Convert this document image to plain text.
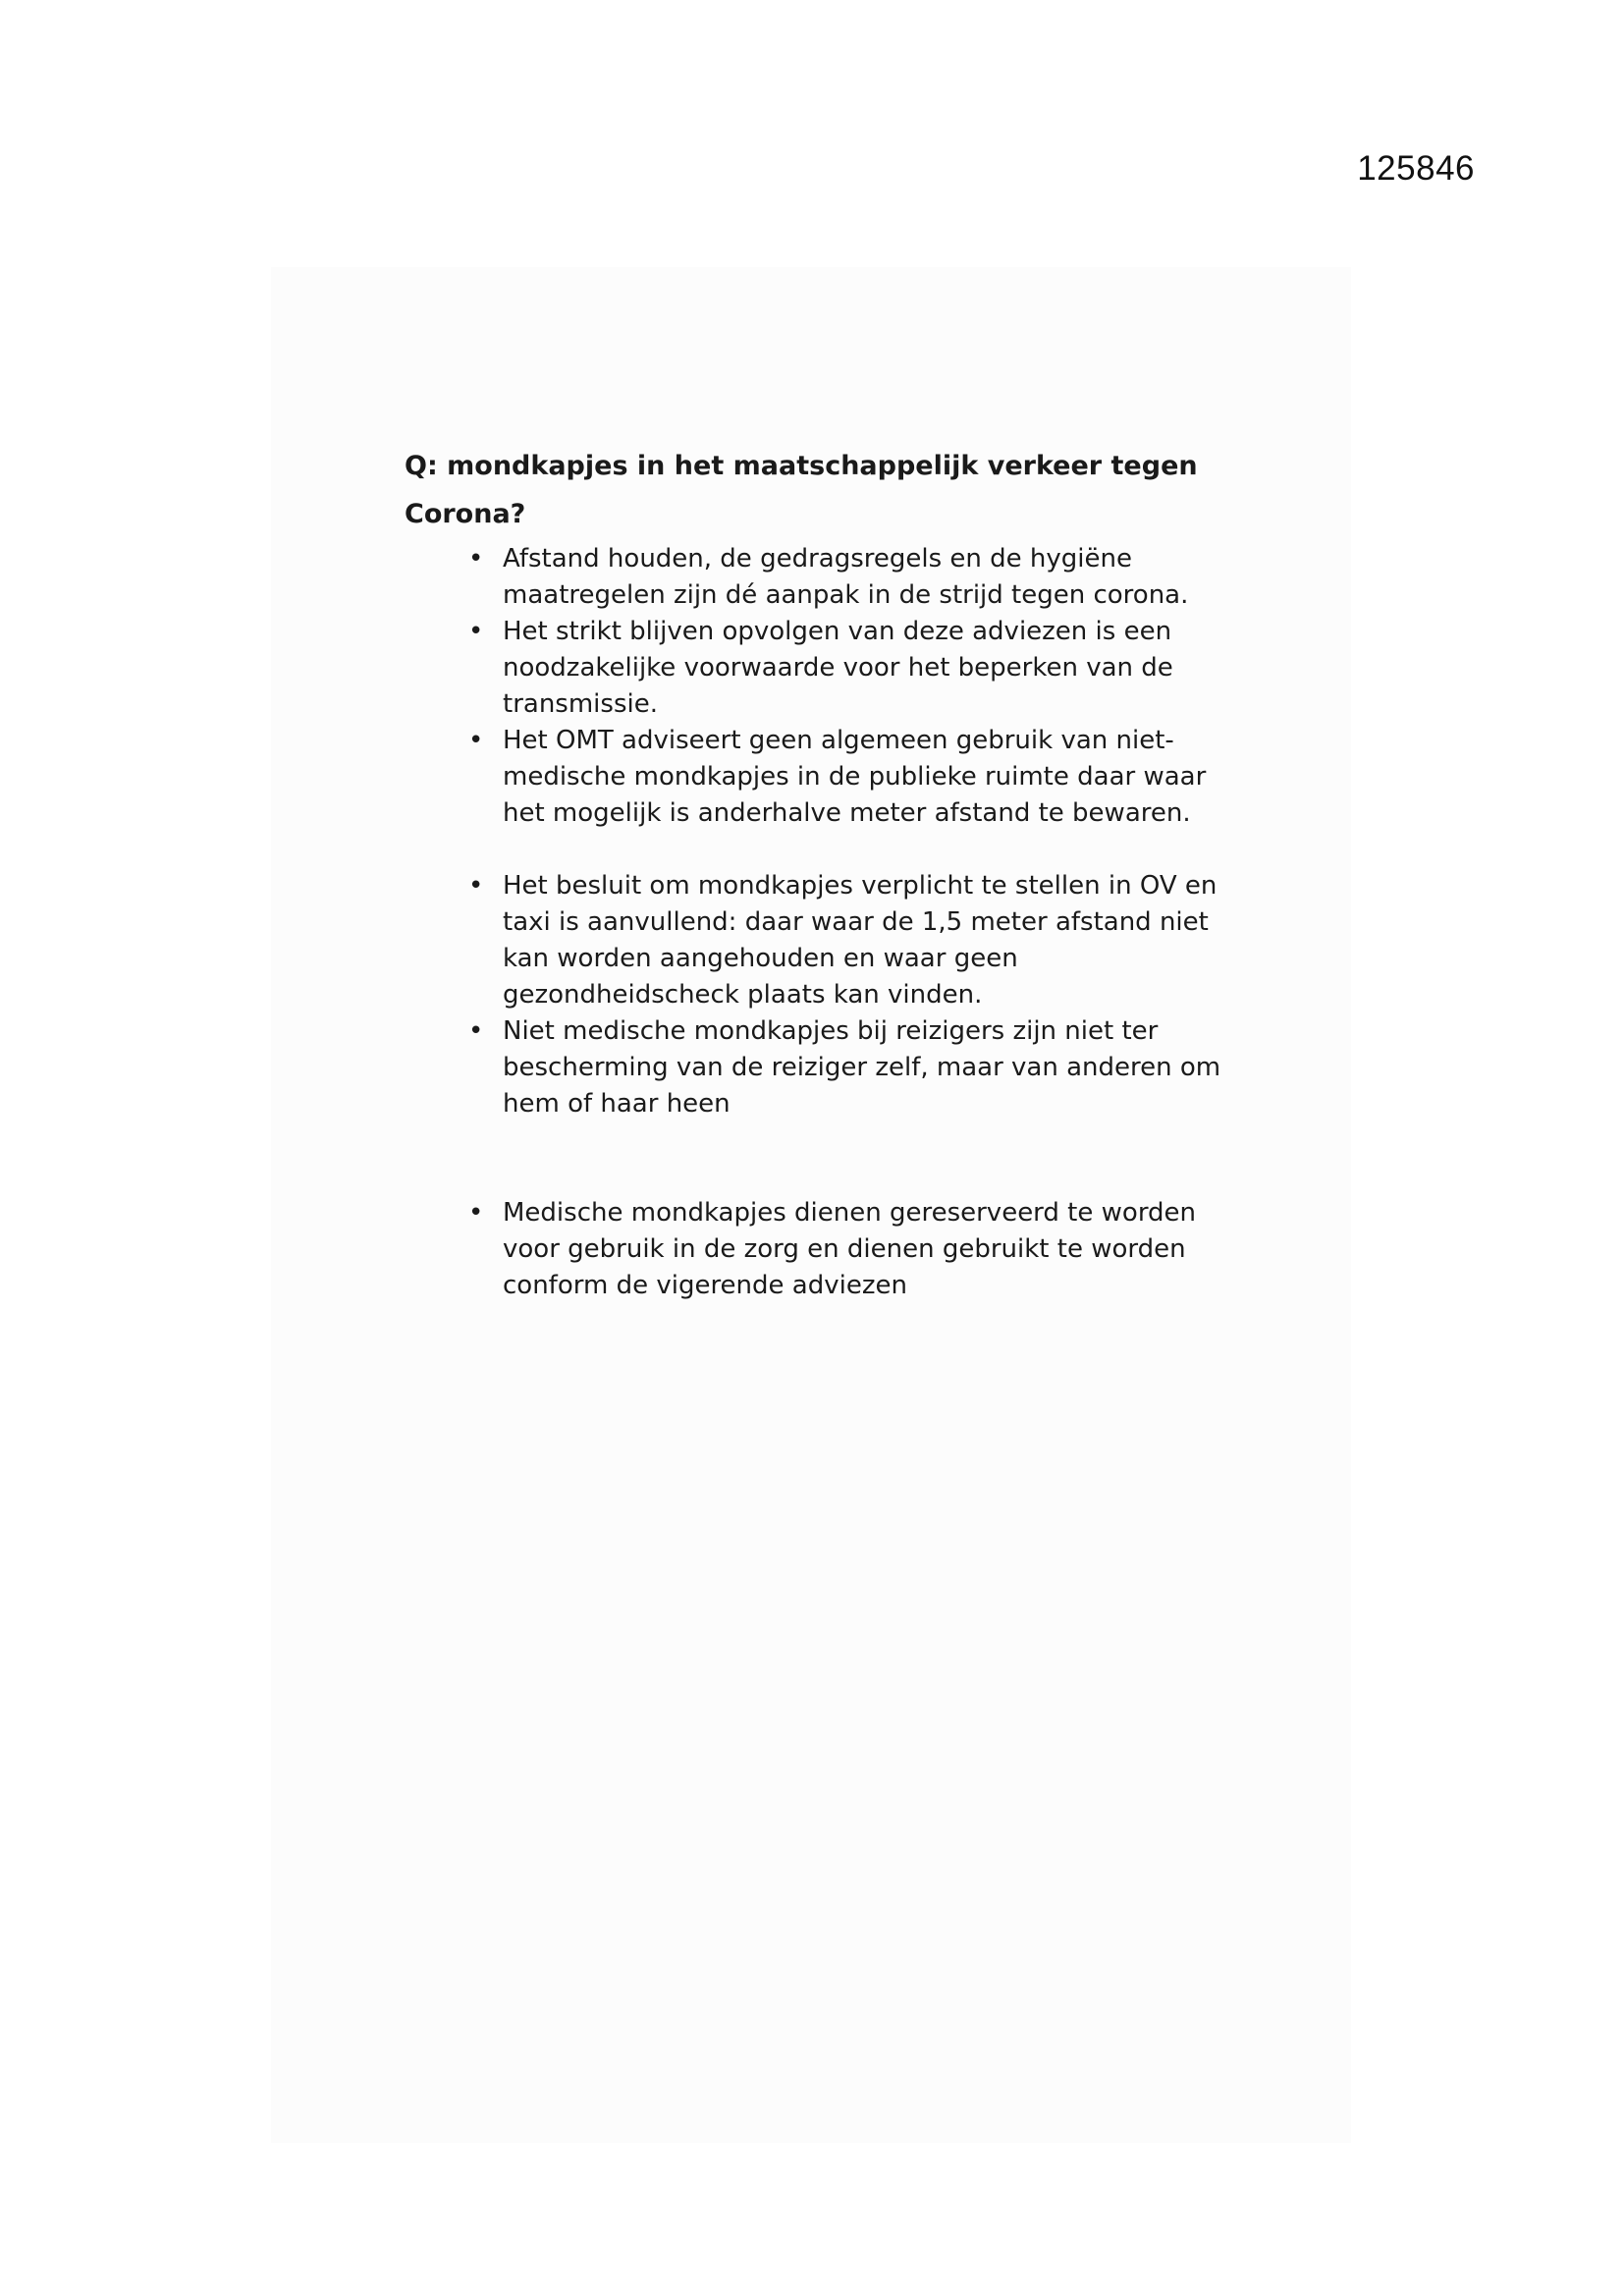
125846

Q: mondkapjes in het maatschappelijk verkeer tegen Corona?

• Afstand houden, de gedragsregels en de hygiëne maatregelen zijn dé aanpak in de strijd tegen corona.
• Het strikt blijven opvolgen van deze adviezen is een noodzakelijke voorwaarde voor het beperken van de transmissie.
• Het OMT adviseert geen algemeen gebruik van niet-medische mondkapjes in de publieke ruimte daar waar het mogelijk is anderhalve meter afstand te bewaren.
• Het besluit om mondkapjes verplicht te stellen in OV en taxi is aanvullend: daar waar de 1,5 meter afstand niet kan worden aangehouden en waar geen gezondheidscheck plaats kan vinden.
• Niet medische mondkapjes bij reizigers zijn niet ter bescherming van de reiziger zelf, maar van anderen om hem of haar heen
• Medische mondkapjes dienen gereserveerd te worden voor gebruik in de zorg en dienen gebruikt te worden conform de vigerende adviezen
